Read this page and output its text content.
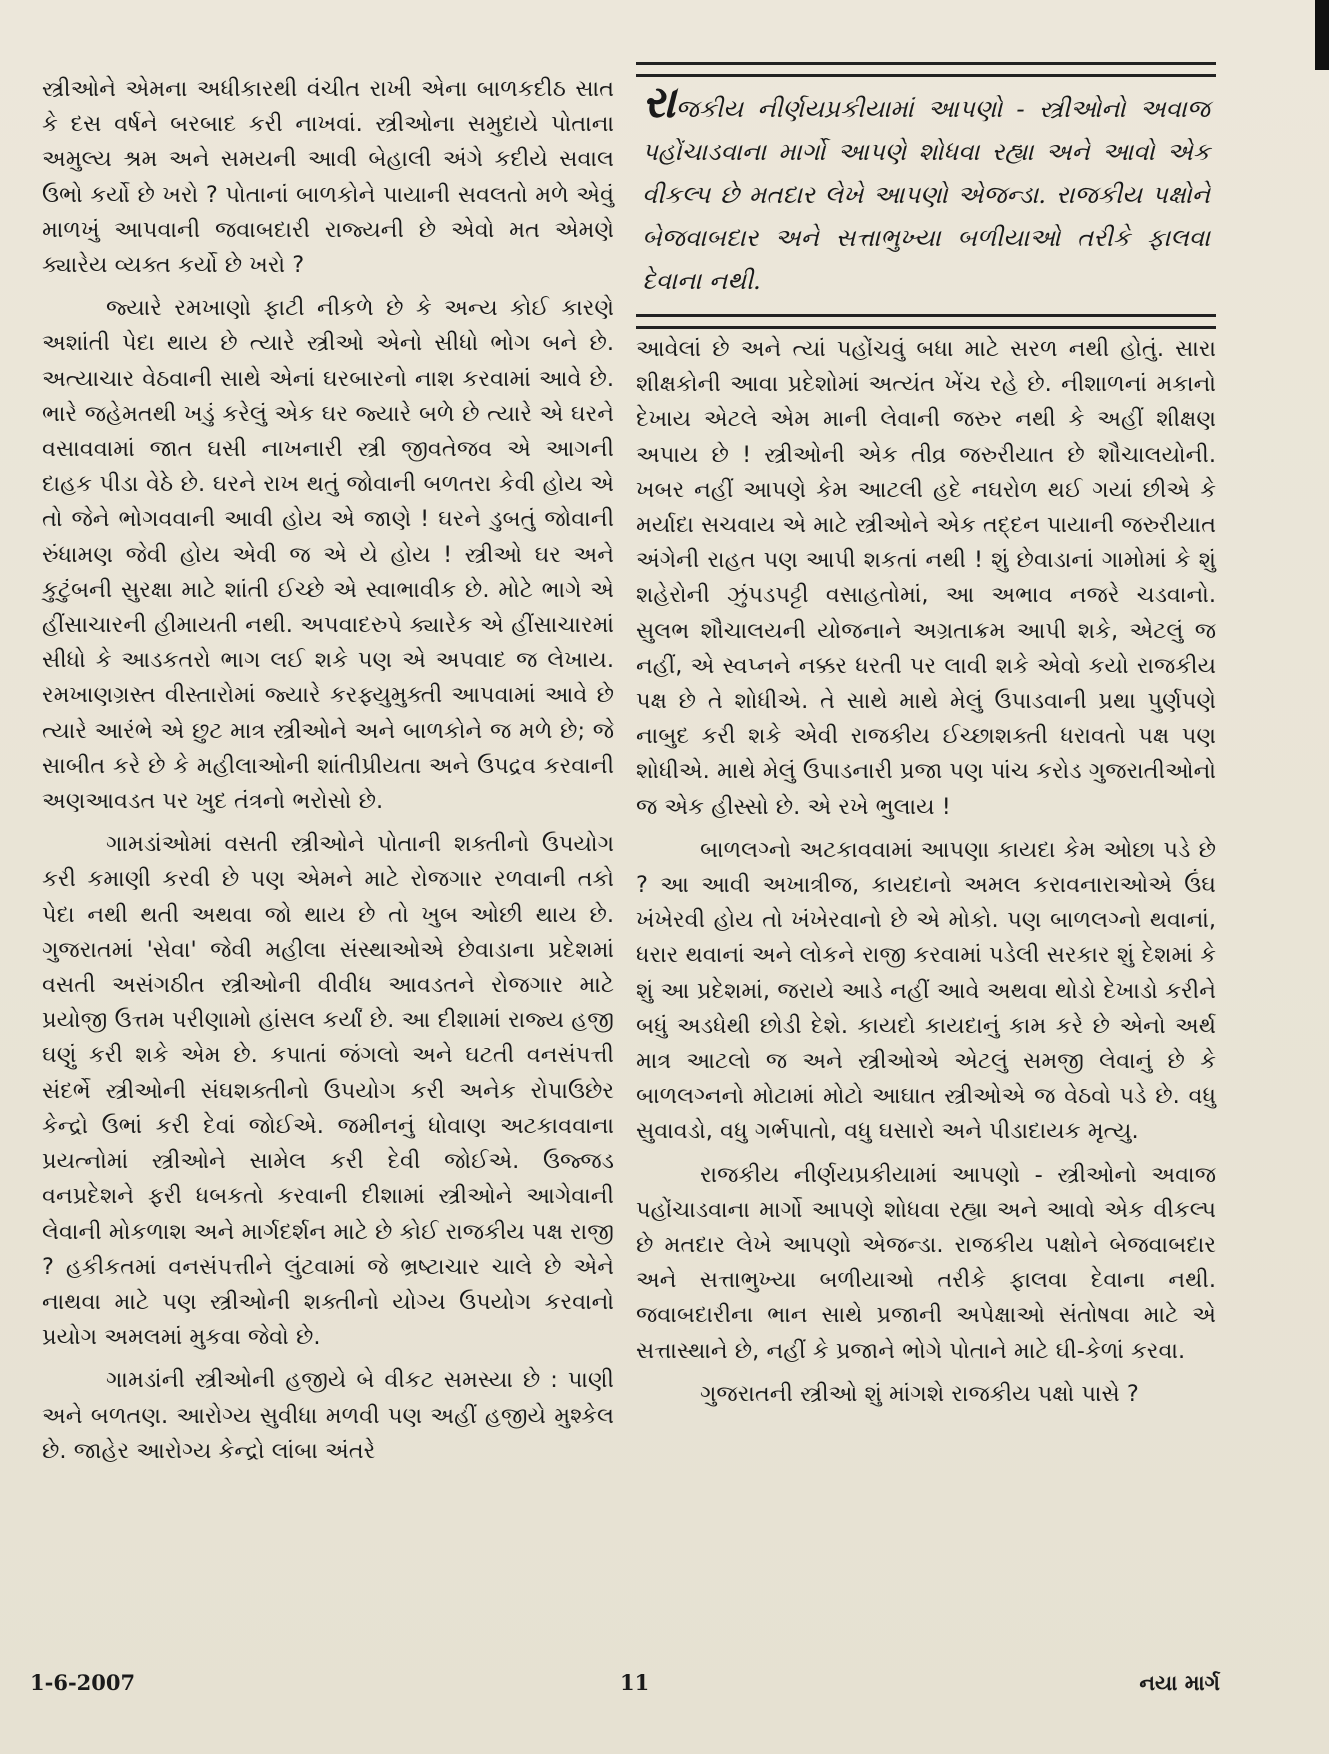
સ્ત્રીઓને એમના અધીકારથી વંચીત રાખી એના બાળકદીઠ સાત કે દસ વર્ષને બરબાદ કરી નાખવાં. સ્ત્રીઓના સમુદાયે પોતાના અમુલ્ય શ્રમ અને સમયની આવી બેહાલી અંગે કદીયે સવાલ ઉભો કર્યો છે ખરો ? પોતાનાં બાળકોને પાયાની સવલતો મળે એવું માળખું આપવાની જવાબદારી રાજ્યની છે એવો મત એમણે ક્યારેય વ્યક્ત કર્યો છે ખરો ?

જ્યારે રમખાણો ફાટી નીકળે છે કે અન્ય કોઈ કારણે અશાંતી પેદા થાય છે ત્યારે સ્ત્રીઓ એનો સીધો ભોગ બને છે. અત્યાચાર વેઠવાની સાથે એનાં ઘરબારનો નાશ કરવામાં આવે છે. ભારે જહેમતથી ખડું કરેલું એક ઘર જ્યારે બળે છે ત્યારે એ ઘરને વસાવવામાં જાત ઘસી નાખનારી સ્ત્રી જીવતેજવ એ આગની દાહક પીડા વેઠે છે. ઘરને રાખ થતું જોવાની બળતરા કેવી હોય એ તો જેને ભોગવવાની આવી હોય એ જાણે ! ઘરને ડુબતું જોવાની રુંધામણ જેવી હોય એવી જ એ યે હોય ! સ્ત્રીઓ ઘર અને કુટુંબની સુરક્ષા માટે શાંતી ઈચ્છે એ સ્વાભાવીક છે. મોટે ભાગે એ હીંસાચારની હીમાયતી નથી. અપવાદરુપે ક્યારેક એ હીંસાચારમાં સીધો કે આડકતરો ભાગ લઈ શકે પણ એ અપવાદ જ લેખાય. રમખાણગ્રસ્ત વીસ્તારોમાં જ્યારે કરફ્યુમુક્તી આપવામાં આવે છે ત્યારે આરંભે એ છુટ માત્ર સ્ત્રીઓને અને બાળકોને જ મળે છે; જે સાબીત કરે છે કે મહીલાઓની શાંતીપ્રીયતા અને ઉપદ્રવ કરવાની અણઆવડત પર ખુદ તંત્રનો ભરોસો છે.

ગામડાંઓમાં વસતી સ્ત્રીઓને પોતાની શક્તીનો ઉપયોગ કરી કમાણી કરવી છે પણ એમને માટે રોજગાર રળવાની તકો પેદા નથી થતી અથવા જો થાય છે તો ખુબ ઓછી થાય છે. ગુજરાતમાં 'સેવા' જેવી મહીલા સંસ્થાઓએ છેવાડાના પ્રદેશમાં વસતી અસંગઠીત સ્ત્રીઓની વીવીધ આવડતને રોજગાર માટે પ્રયોજી ઉત્તમ પરીણામો હાંસલ કર્યાં છે. આ દીશામાં રાજ્ય હજી ઘણું કરી શકે એમ છે. કપાતાં જંગલો અને ઘટતી વનસંપત્તી સંદર્ભે સ્ત્રીઓની સંઘશક્તીનો ઉપયોગ કરી અનેક રોપાઉછેર કેન્દ્રો ઉભાં કરી દેવાં જોઈએ. જમીનનું ધોવાણ અટકાવવાના પ્રયત્નોમાં સ્ત્રીઓને સામેલ કરી દેવી જોઈએ. ઉજ્જડ વનપ્રદેશને ફરી ધબકતો કરવાની દીશામાં સ્ત્રીઓને આગેવાની લેવાની મોકળાશ અને માર્ગદર્શન માટે છે કોઈ રાજકીય પક્ષ રાજી ? હકીકતમાં વનસંપત્તીને લુંટવામાં જે ભ્રષ્ટાચાર ચાલે છે એને નાથવા માટે પણ સ્ત્રીઓની શક્તીનો યોગ્ય ઉપયોગ કરવાનો પ્રયોગ અમલમાં મુકવા જેવો છે.

ગામડાંની સ્ત્રીઓની હજીયે બે વીકટ સમસ્યા છે : પાણી અને બળતણ. આરોગ્ય સુવીધા મળવી પણ અહીં હજીયે મુશ્કેલ છે. જાહેર આરોગ્ય કેન્દ્રો લાંબા અંતરે

રાજકીય નીર્ણયપ્રકીયામાં આપણો - સ્ત્રીઓનો અવાજ પહોંચાડવાના માર્ગો આપણે શોધવા રહ્યા અને આવો એક વીકલ્પ છે મતદાર લેખે આપણો એજન્ડા. રાજકીય પક્ષોને બેજવાબદાર અને સત્તાભુખ્યા બળીયાઓ તરીકે ફાલવા દેવાના નથી.

આવેલાં છે અને ત્યાં પહોંચવું બધા માટે સરળ નથી હોતું. સારા શીક્ષકોની આવા પ્રદેશોમાં અત્યંત ખેંચ રહે છે. નીશાળનાં મકાનો દેખાય એટલે એમ માની લેવાની જરુર નથી કે અહીં શીક્ષણ અપાય છે ! સ્ત્રીઓની એક તીવ્ર જરુરીયાત છે શૌચાલયોની. ખબર નહીં આપણે કેમ આટલી હદે નઘરોળ થઈ ગયાં છીએ કે મર્યાદા સચવાય એ માટે સ્ત્રીઓને એક તદ્દન પાયાની જરુરીયાત અંગેની રાહત પણ આપી શકતાં નથી ! શું છેવાડાનાં ગામોમાં કે શું શહેરોની ઝુંપડપટ્ટી વસાહતોમાં, આ અભાવ નજરે ચડવાનો. સુલભ શૌચાલયની યોજનાને અગ્રતાક્રમ આપી શકે, એટલું જ નહીં, એ સ્વપ્નને નક્કર ધરતી પર લાવી શકે એવો કયો રાજકીય પક્ષ છે તે શોધીએ. તે સાથે માથે મેલું ઉપાડવાની પ્રથા પુર્ણપણે નાબુદ કરી શકે એવી રાજકીય ઈચ્છાશક્તી ધરાવતો પક્ષ પણ શોધીએ. માથે મેલું ઉપાડનારી પ્રજા પણ પાંચ કરોડ ગુજરાતીઓનો જ એક હીસ્સો છે. એ રખે ભુલાય !

બાળલગ્નો અટકાવવામાં આપણા કાયદા કેમ ઓછા પડે છે ? આ આવી અખાત્રીજ, કાયદાનો અમલ કરાવનારાઓએ ઉંઘ ખંખેરવી હોય તો ખંખેરવાનો છે એ મોકો. પણ બાળલગ્નો થવાનાં, ધરાર થવાનાં અને લોકને રાજી કરવામાં પડેલી સરકાર શું દેશમાં કે શું આ પ્રદેશમાં, જરાયે આડે નહીં આવે અથવા થોડો દેખાડો કરીને બધું અડધેથી છોડી દેશે. કાયદો કાયદાનું કામ કરે છે એનો અર્થ માત્ર આટલો જ અને સ્ત્રીઓએ એટલું સમજી લેવાનું છે કે બાળલગ્નનો મોટામાં મોટો આઘાત સ્ત્રીઓએ જ વેઠવો પડે છે. વધુ સુવાવડો, વધુ ગર્ભપાતો, વધુ ઘસારો અને પીડાદાયક મૃત્યુ.

રાજકીય નીર્ણયપ્રકીયામાં આપણો - સ્ત્રીઓનો અવાજ પહોંચાડવાના માર્ગો આપણે શોધવા રહ્યા અને આવો એક વીકલ્પ છે મતદાર લેખે આપણો એજન્ડા. રાજકીય પક્ષોને બેજવાબદાર અને સત્તાભુખ્યા બળીયાઓ તરીકે ફાલવા દેવાના નથી. જવાબદારીના ભાન સાથે પ્રજાની અપેક્ષાઓ સંતોષવા માટે એ સત્તાસ્થાને છે, નહીં કે પ્રજાને ભોગે પોતાને માટે ઘી-કેળાં કરવા.

ગુજરાતની સ્ત્રીઓ શું માંગશે રાજકીય પક્ષો પાસે ?

1-6-2007	11	નયા માર્ગ
